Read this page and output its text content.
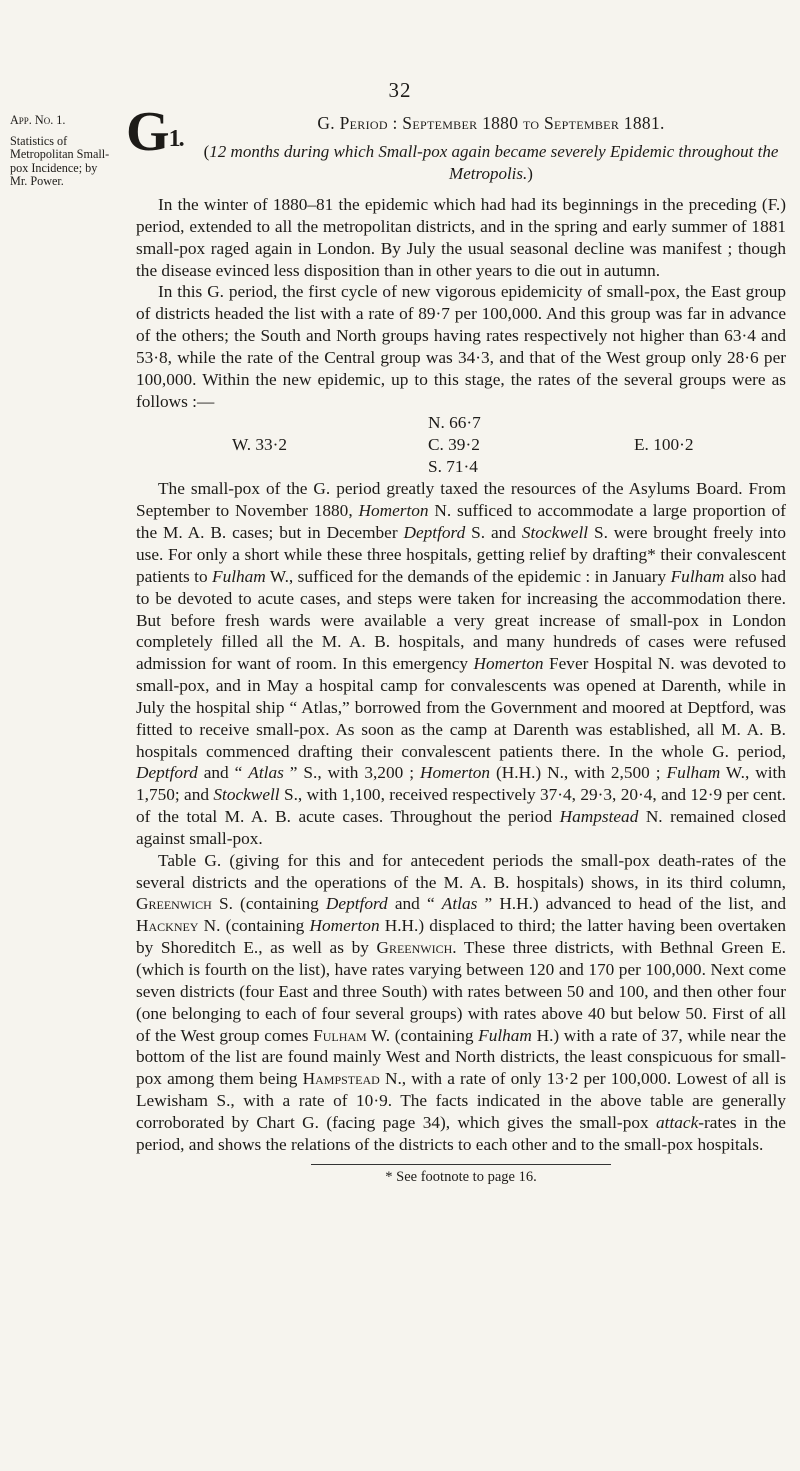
32
App. No. 1.
Statistics of Metropolitan Small-pox Incidence; by Mr. Power.
G1.
G. Period : September 1880 to September 1881.
(12 months during which Small-pox again became severely Epidemic throughout the Metropolis.)

In the winter of 1880–81 the epidemic which had had its beginnings in the preceding (F.) period, extended to all the metropolitan districts, and in the spring and early summer of 1881 small-pox raged again in London. By July the usual seasonal decline was manifest ; though the disease evinced less disposition than in other years to die out in autumn.

In this G. period, the first cycle of new vigorous epidemicity of small-pox, the East group of districts headed the list with a rate of 89·7 per 100,000. And this group was far in advance of the others; the South and North groups having rates respectively not higher than 63·4 and 53·8, while the rate of the Central group was 34·3, and that of the West group only 28·6 per 100,000. Within the new epidemic, up to this stage, the rates of the several groups were as follows :—

N. 66·7
W. 33·2	C. 39·2	E. 100·2
S. 71·4

The small-pox of the G. period greatly taxed the resources of the Asylums Board. From September to November 1880, Homerton N. sufficed to accommodate a large proportion of the M. A. B. cases; but in December Deptford S. and Stockwell S. were brought freely into use. For only a short while these three hospitals, getting relief by drafting* their convalescent patients to Fulham W., sufficed for the demands of the epidemic : in January Fulham also had to be devoted to acute cases, and steps were taken for increasing the accommodation there. But before fresh wards were available a very great increase of small-pox in London completely filled all the M. A. B. hospitals, and many hundreds of cases were refused admission for want of room. In this emergency Homerton Fever Hospital N. was devoted to small-pox, and in May a hospital camp for convalescents was opened at Darenth, while in July the hospital ship “ Atlas,” borrowed from the Government and moored at Deptford, was fitted to receive small-pox. As soon as the camp at Darenth was established, all M. A. B. hospitals commenced drafting their convalescent patients there. In the whole G. period, Deptford and “ Atlas ” S., with 3,200 ; Homerton (H.H.) N., with 2,500 ; Fulham W., with 1,750; and Stockwell S., with 1,100, received respectively 37·4, 29·3, 20·4, and 12·9 per cent. of the total M. A. B. acute cases. Throughout the period Hampstead N. remained closed against small-pox.

Table G. (giving for this and for antecedent periods the small-pox death-rates of the several districts and the operations of the M. A. B. hospitals) shows, in its third column, Greenwich S. (containing Deptford and “ Atlas ” H.H.) advanced to head of the list, and Hackney N. (containing Homerton H.H.) displaced to third; the latter having been overtaken by Shoreditch E., as well as by Greenwich. These three districts, with Bethnal Green E. (which is fourth on the list), have rates varying between 120 and 170 per 100,000. Next come seven districts (four East and three South) with rates between 50 and 100, and then other four (one belonging to each of four several groups) with rates above 40 but below 50. First of all of the West group comes Fulham W. (containing Fulham H.) with a rate of 37, while near the bottom of the list are found mainly West and North districts, the least conspicuous for small-pox among them being Hampstead N., with a rate of only 13·2 per 100,000. Lowest of all is Lewisham S., with a rate of 10·9. The facts indicated in the above table are generally corroborated by Chart G. (facing page 34), which gives the small-pox attack-rates in the period, and shows the relations of the districts to each other and to the small-pox hospitals.

* See footnote to page 16.
